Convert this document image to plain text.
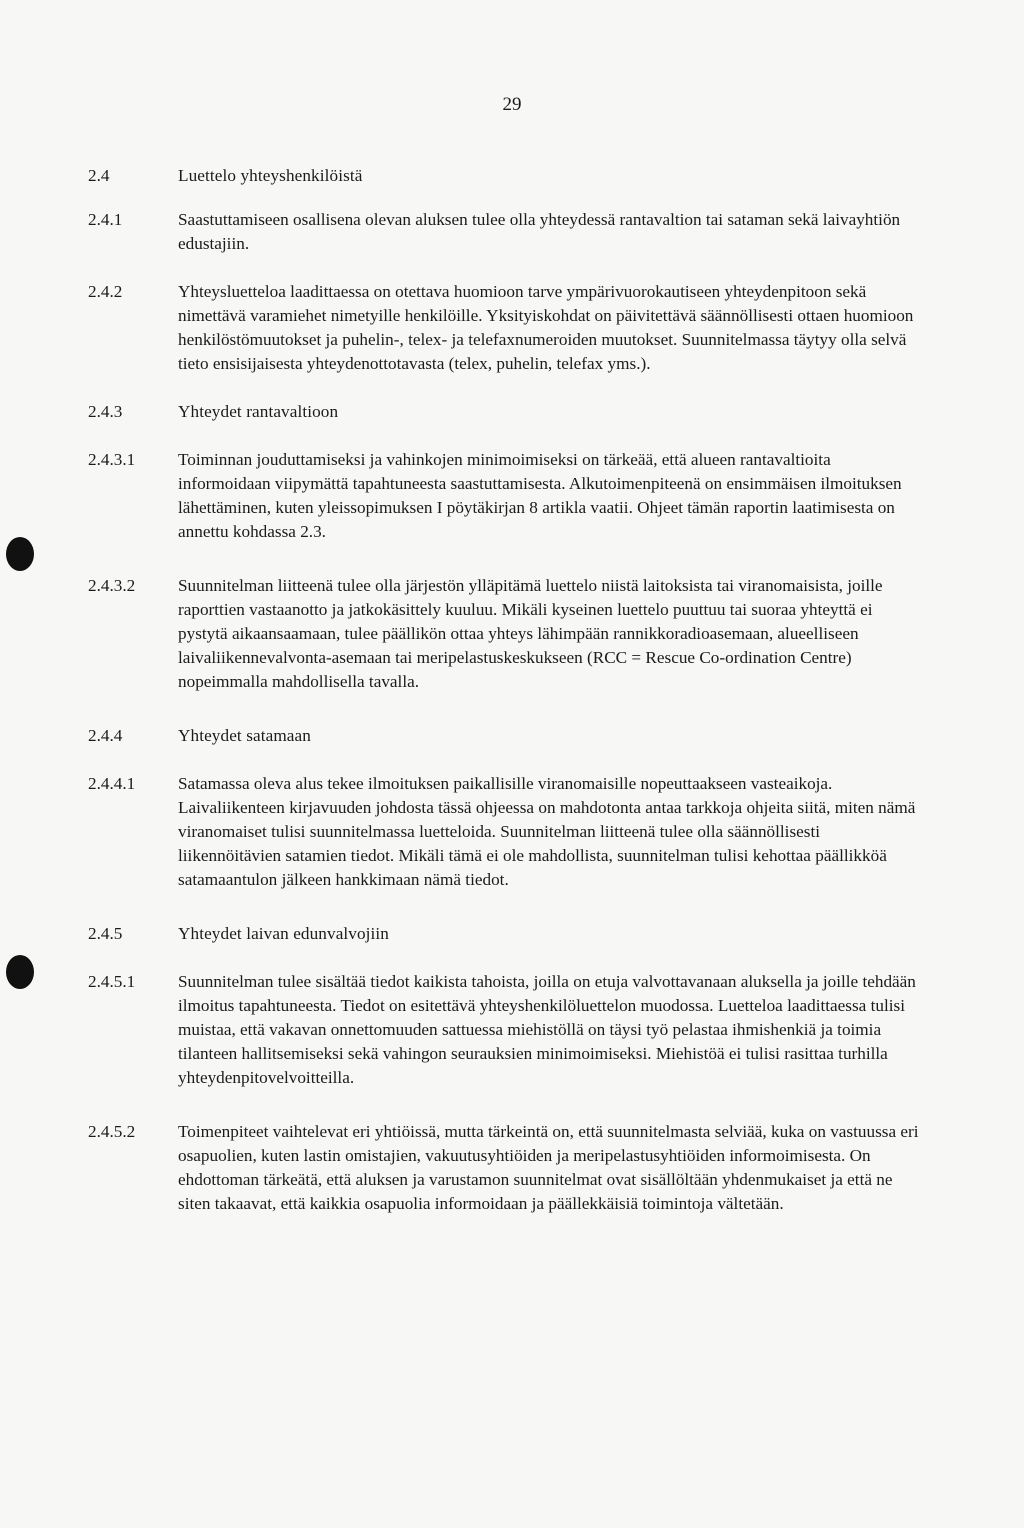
29
2.4	Luettelo yhteyshenkilöistä
2.4.1	Saastuttamiseen osallisena olevan aluksen tulee olla yhteydessä rantavaltion tai sataman sekä laivayhtiön edustajiin.
2.4.2	Yhteysluetteloa laadittaessa on otettava huomioon tarve ympärivuorokautiseen yhteydenpitoon sekä nimettävä varamiehet nimetyille henkilöille. Yksityiskohdat on päivitettävä säännöllisesti ottaen huomioon henkilöstömuutokset ja puhelin-, telex- ja telefaxnumeroiden muutokset. Suunnitelmassa täytyy olla selvä tieto ensisijaisesta yhteydenottotavasta (telex, puhelin, telefax yms.).
2.4.3	Yhteydet rantavaltioon
2.4.3.1	Toiminnan jouduttamiseksi ja vahinkojen minimoimiseksi on tärkeää, että alueen rantavaltioita informoidaan viipymättä tapahtuneesta saastuttamisesta. Alkutoimenpiteenä on ensimmäisen ilmoituksen lähettäminen, kuten yleissopimuksen I pöytäkirjan 8 artikla vaatii. Ohjeet tämän raportin laatimisesta on annettu kohdassa 2.3.
2.4.3.2	Suunnitelman liitteenä tulee olla järjestön ylläpitämä luettelo niistä laitoksista tai viranomaisista, joille raporttien vastaanotto ja jatkokäsittely kuuluu. Mikäli kyseinen luettelo puuttuu tai suoraa yhteyttä ei pystytä aikaansaamaan, tulee päällikön ottaa yhteys lähimpään rannikkoradioasemaan, alueelliseen laivaliikennevalvonta-asemaan tai meripelastuskeskukseen (RCC = Rescue Co-ordination Centre) nopeimmalla mahdollisella tavalla.
2.4.4	Yhteydet satamaan
2.4.4.1	Satamassa oleva alus tekee ilmoituksen paikallisille viranomaisille nopeuttaakseen vasteaikoja. Laivaliikenteen kirjavuuden johdosta tässä ohjeessa on mahdotonta antaa tarkkoja ohjeita siitä, miten nämä viranomaiset tulisi suunnitelmassa luetteloida. Suunnitelman liitteenä tulee olla säännöllisesti liikennöitävien satamien tiedot. Mikäli tämä ei ole mahdollista, suunnitelman tulisi kehottaa päällikköä satamaantulon jälkeen hankkimaan nämä tiedot.
2.4.5	Yhteydet laivan edunvalvojiin
2.4.5.1	Suunnitelman tulee sisältää tiedot kaikista tahoista, joilla on etuja valvottavanaan aluksella ja joille tehdään ilmoitus tapahtuneesta. Tiedot on esitettävä yhteyshenkilöluettelon muodossa. Luetteloa laadittaessa tulisi muistaa, että vakavan onnettomuuden sattuessa miehistöllä on täysi työ pelastaa ihmishenkiä ja toimia tilanteen hallitsemiseksi sekä vahingon seurauksien minimoimiseksi. Miehistöä ei tulisi rasittaa turhilla yhteydenpitovelvoitteilla.
2.4.5.2	Toimenpiteet vaihtelevat eri yhtiöissä, mutta tärkeintä on, että suunnitelmasta selviää, kuka on vastuussa eri osapuolien, kuten lastin omistajien, vakuutusyhtiöiden ja meripelastusyhtiöiden informoimisesta. On ehdottoman tärkeätä, että aluksen ja varustamon suunnitelmat ovat sisällöltään yhdenmukaiset ja että ne siten takaavat, että kaikkia osapuolia informoidaan ja päällekkäisiä toimintoja vältetään.
